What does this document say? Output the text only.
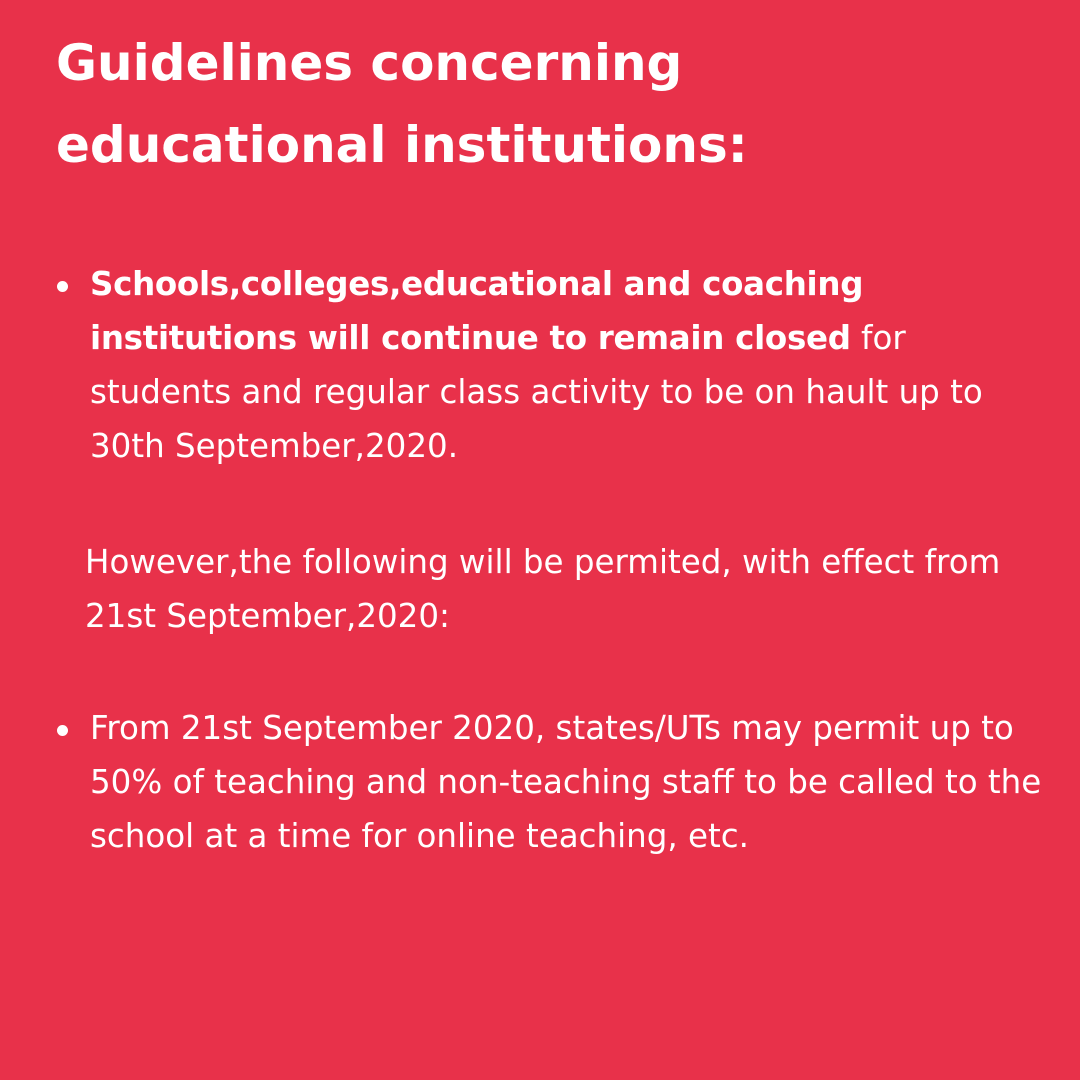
Guidelines concerning
educational institutions:

Schools,colleges,educational and coaching institutions will continue to remain closed for students and regular class activity to be on hault up to 30th September,2020.

However,the following will be permited, with effect from 21st September,2020:

From 21st September 2020, states/UTs may permit up to 50% of teaching and non-teaching staff to be called to the school at a time for online teaching, etc.
